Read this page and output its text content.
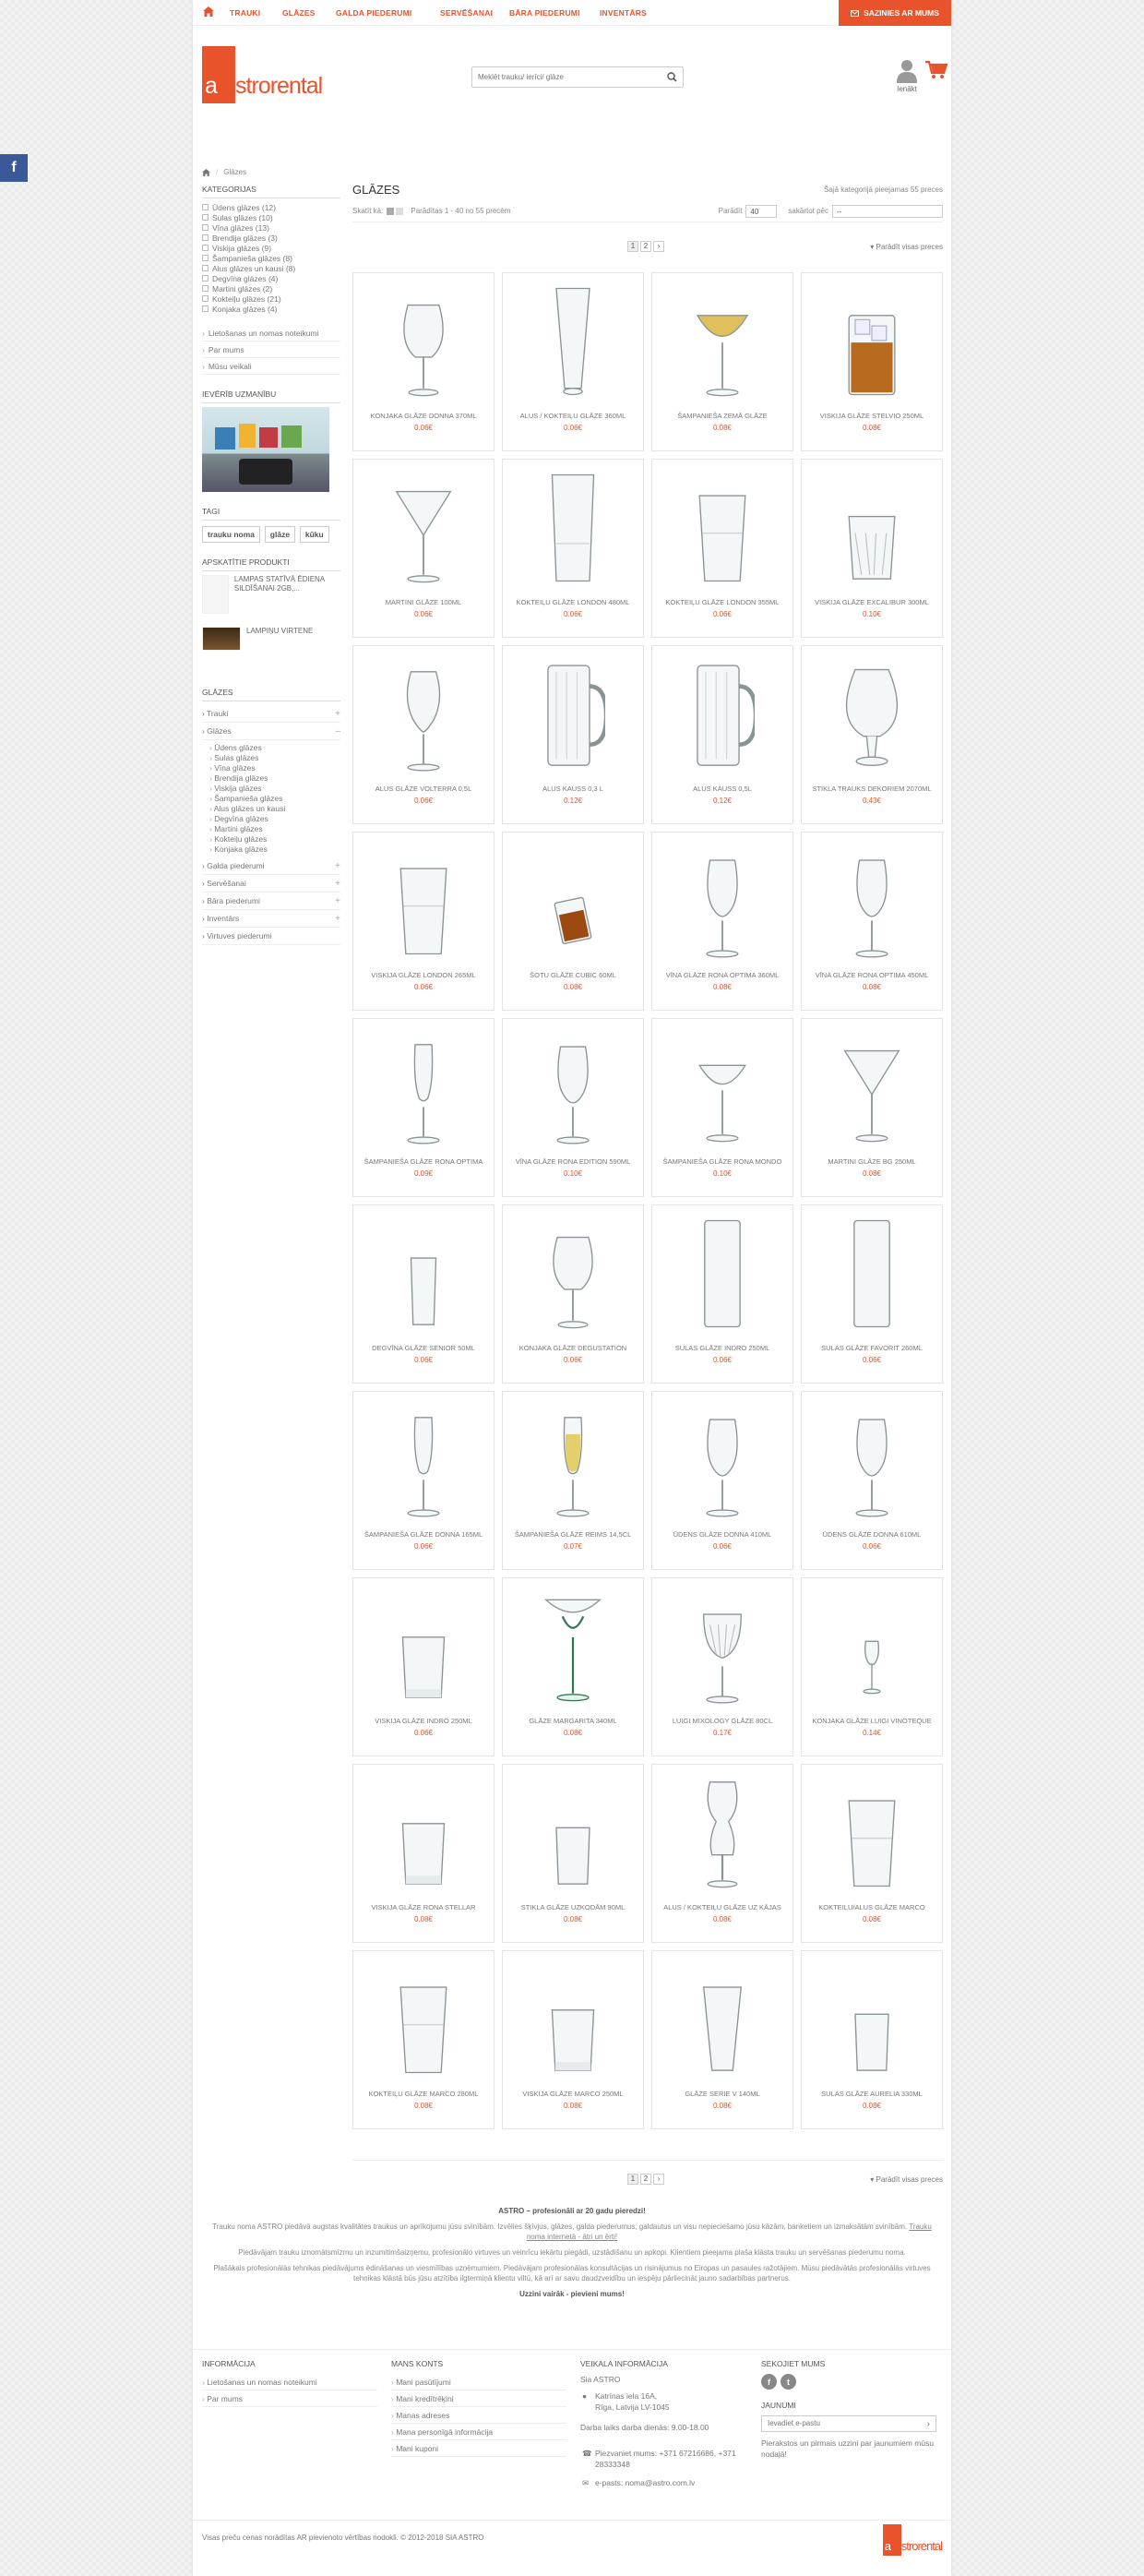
f
TRAUKI	GLĀZES	GALDA PIEDERUMI	SERVĒŠANAI BĀRA PIEDERUMI	INVENTĀRS	SAZINIES AR MUMS
a strorental
Meklēt trauku/ ierīci/ glāze	Ienākt
/ Glāzes
KATEGORIJAS
Ūdens glāzes (12)
Sulas glāzes (10)
Vīna glāzes (13)
Brendija glāzes (3)
Viskija glāzes (9)
Šampanieša glāzes (8)
Alus glāzes un kausi (8)
Degvīna glāzes (4)
Martini glāzes (2)
Kokteiļu glāzes (21)
Konjaka glāzes (4)
› Lietošanas un nomas noteikumi
› Par mums
› Mūsu veikali
IEVĒRĪB UZMANĪBU
TAGI
trauku noma glāze kūku
APSKATĪTIE PRODUKTI
LAMPAS STATĪVĀ ĒDIENA SILDĪŠANAI 2GB,...
LAMPIŅU VIRTENE
GLĀZES
› Trauki	+
› Glāzes	–
› Ūdens glāzes
› Sulas glāzes
› Vīna glāzes
› Brendija glāzes
› Viskija glāzes
› Šampanieša glāzes
› Alus glāzes un kausi
› Degvīna glāzes
› Martini glāzes
› Kokteiļu glāzes
› Konjaka glāzes
› Galda piederumi	+
› Servēšanai	+
› Bāra piederumi	+
› Inventārs	+
› Virtuves piederumi
GLĀZES	Šajā kategorijā pieejamas 55 preces
Skatīt kā:	Parādītas 1 - 40 no 55 precēm	Parādīt	40	sakārtot pēc	--
1	2	›	▾ Parādīt visas preces
KONJAKA GLĀZE DONNA 370ML
0.06€
ALUS / KOKTEIĻU GLĀZE 360ML
0.06€
ŠAMPANIEŠA ZEMĀ GLĀZE
0.08€
VISKIJA GLĀZE STELVIO 250ML
0.08€
MARTINI GLĀZE 100ML
0.06€
KOKTEIĻU GLĀZE LONDON 480ML
0.06€
KOKTEIĻU GLĀZE LONDON 355ML
0.06€
VISKIJA GLĀZE EXCALIBUR 300ML
0.10€
ALUS GLĀZE VOLTERRA 0,5L
0.06€
ALUS KAUSS 0,3 L
0.12€
ALUS KAUSS 0,5L
0.12€
STIKLA TRAUKS DEKORIEM 2070ML
0.43€
VISKIJA GLĀZE LONDON 265ML
0.06€
ŠOTU GLĀZE CUBIC 60ML
0.08€
VĪNA GLĀZE RONA OPTIMA 360ML
0.08€
VĪNA GLĀZE RONA OPTIMA 450ML
0.08€
ŠAMPANIEŠA GLĀZE RONA OPTIMA
0.09€
VĪNA GLĀZE RONA EDITION 590ML
0.10€
ŠAMPANIEŠA GLĀZE RONA MONDO
0.10€
MARTINI GLĀZE BG 250ML
0.08€
DEGVĪNA GLĀZE SENIOR 50ML
0.06€
KONJAKA GLĀZE DEGUSTATION
0.06€
SULAS GLĀZE INDRO 250ML
0.06€
SULAS GLĀZE FAVORIT 260ML
0.06€
ŠAMPANIEŠA GLĀZE DONNA 165ML
0.06€
ŠAMPANIEŠA GLĀZE REIMS 14,5CL
0.07€
ŪDENS GLĀZE DONNA 410ML
0.06€
ŪDENS GLĀZE DONNA 610ML
0.06€
VISKIJA GLĀZE INDRO 250ML
0.06€
GLĀZE MARGARITA 340ML
0.08€
LUIGI MIXOLOGY GLĀZE 80CL
0.17€
KONJAKA GLĀZE LUIGI VINOTEQUE
0.14€
VISKIJA GLĀZE RONA STELLAR
0.08€
STIKLA GLĀZE UZKODĀM 90ML
0.08€
ALUS / KOKTEIĻU GLĀZE UZ KĀJAS
0.08€
KOKTEIĻU/ALUS GLĀZE MARCO
0.08€
KOKTEIĻU GLĀZE MARCO 280ML
0.08€
VISKIJA GLĀZE MARCO 250ML
0.08€
GLĀZE SERIE V 140ML
0.08€
SULAS GLĀZE AURELIA 330ML
0.08€
1	2	›	▾ Parādīt visas preces

ASTRO – profesionāli ar 20 gadu pieredzi!

Trauku noma ASTRO piedāvā augstas kvalitātes traukus un aprīkojumu jūsu svinībām. Izvēlies šķīvjus, glāzes, galda piederumus, galdautus un visu nepieciešamo jūsu kāzām, banketiem un izmaksātām svinībām. Trauku noma internetā - ātri un ērti!

Piedāvājam trauku iznomātsmīzmu un inzumitimšaizņemu, profesionālo virtuves un veinrīcu iekārtu piegādi, uzstādīšanu un apkopi. Klientiem pieejama plaša klāsta trauku un servēšanas piederumu noma.

Plašākais profesionālās tehnikas piedāvājums ēdināšanas un viesmīlības uzņēmumiem. Piedāvājam profesionālas konsultācijas un risinājumus no Eiropas un pasaules ražotājiem. Mūsu piedāvātās profesionālās virtuves tehnikas klāstā būs jūsu atzītība ilgtermiņā klientu viltū, kā arī ar savu daudzveidību un iespēju pārliecināt jauno sadarbības partnerus.

Uzzini vairāk - pievieni mums!

INFORMĀCIJA
› Lietošanas un nomas noteikumi
› Par mums
MANS KONTS
› Mani pasūtījumi
› Mani kredītrēķini
› Manas adreses
› Mana personīgā informācija
› Mani kuponi
VEIKALA INFORMĀCIJA
Sia ASTRO
● Katrīnas iela 16A,
Rīga, Latvija LV-1045
Darba laiks darba dienās: 9.00-18.00
☎ Piezvaniet mums: +371 67216686, +371 28333348
✉ e-pasts: noma@astro.com.lv
SEKOJIET MUMS
f	t
JAUNUMI
Ievadiet e-pastu
›
Pierakstos un pirmais uzzini par jaunumiem mūsu nodaļā!
Visas preču cenas norādītas AR pievienoto vērtības nodokli. © 2012-2018 SIA ASTRO
a strorental
